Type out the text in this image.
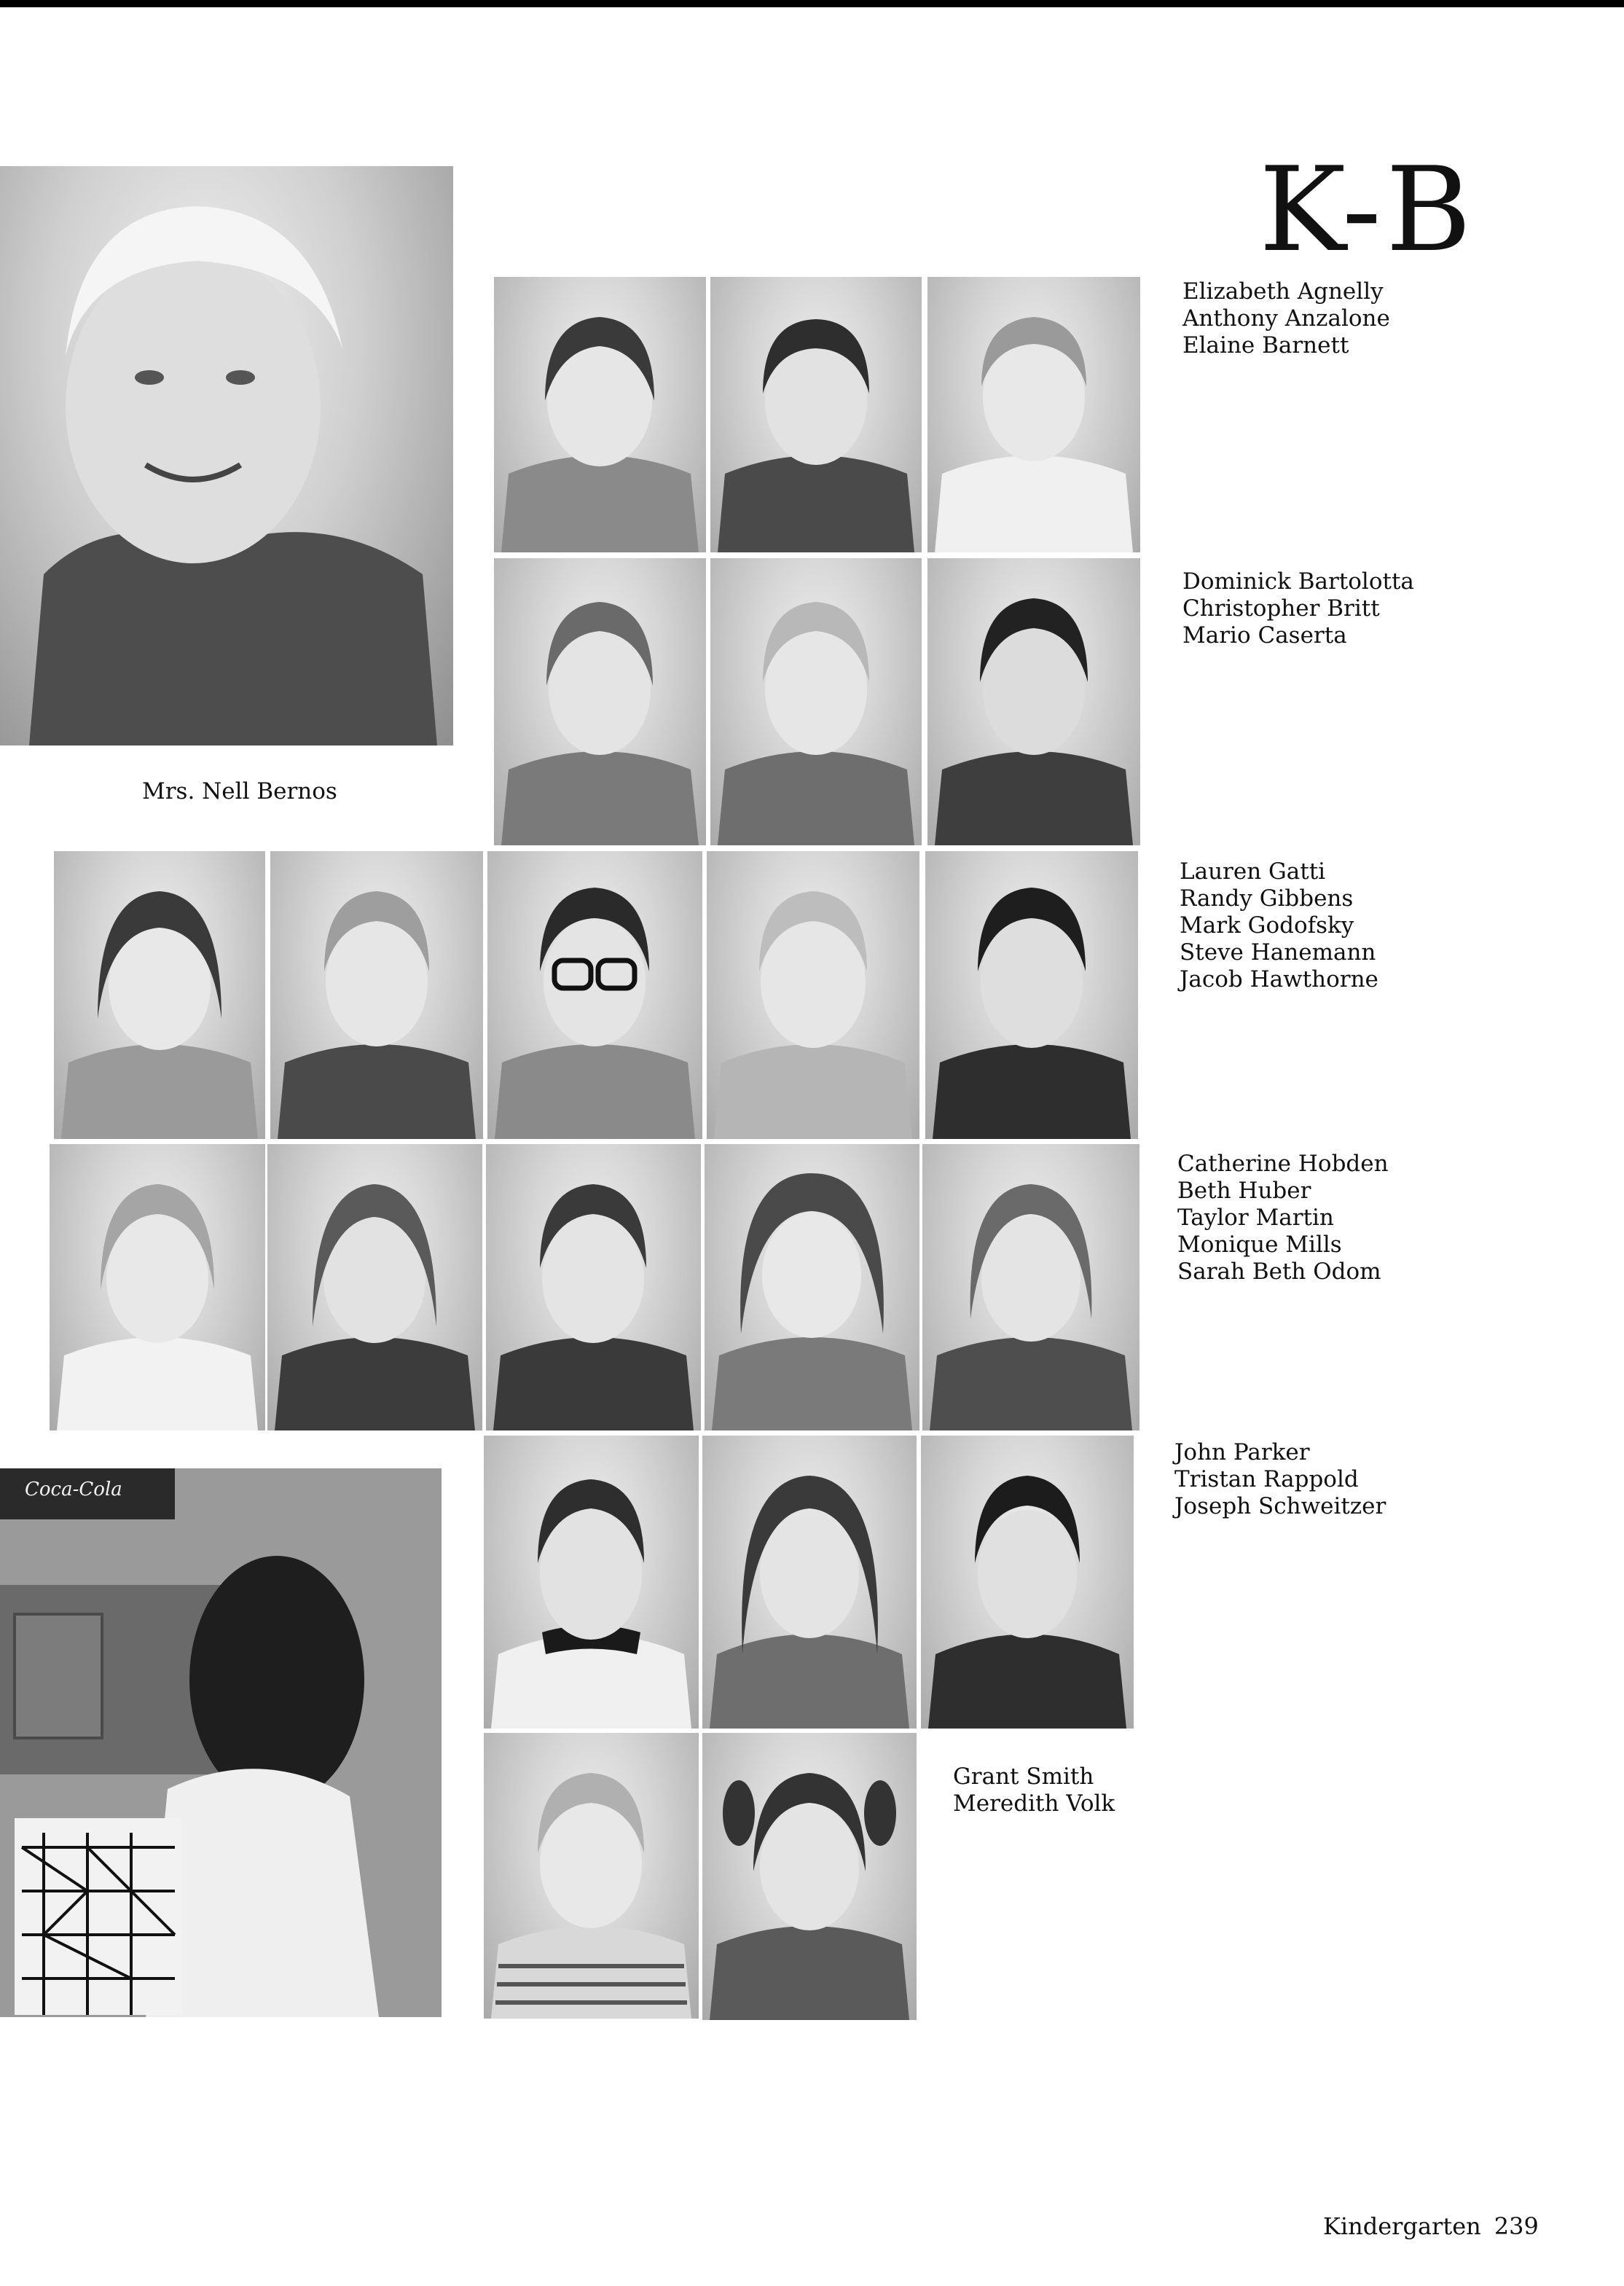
Mrs. Nell Bernos
K-B
Elizabeth Agnelly
Anthony Anzalone
Elaine Barnett
Dominick Bartolotta
Christopher Britt
Mario Caserta
Lauren Gatti
Randy Gibbens
Mark Godofsky
Steve Hanemann
Jacob Hawthorne
Catherine Hobden
Beth Huber
Taylor Martin
Monique Mills
Sarah Beth Odom
Coca-Cola
John Parker
Tristan Rappold
Joseph Schweitzer
Grant Smith
Meredith Volk
Kindergarten 239
